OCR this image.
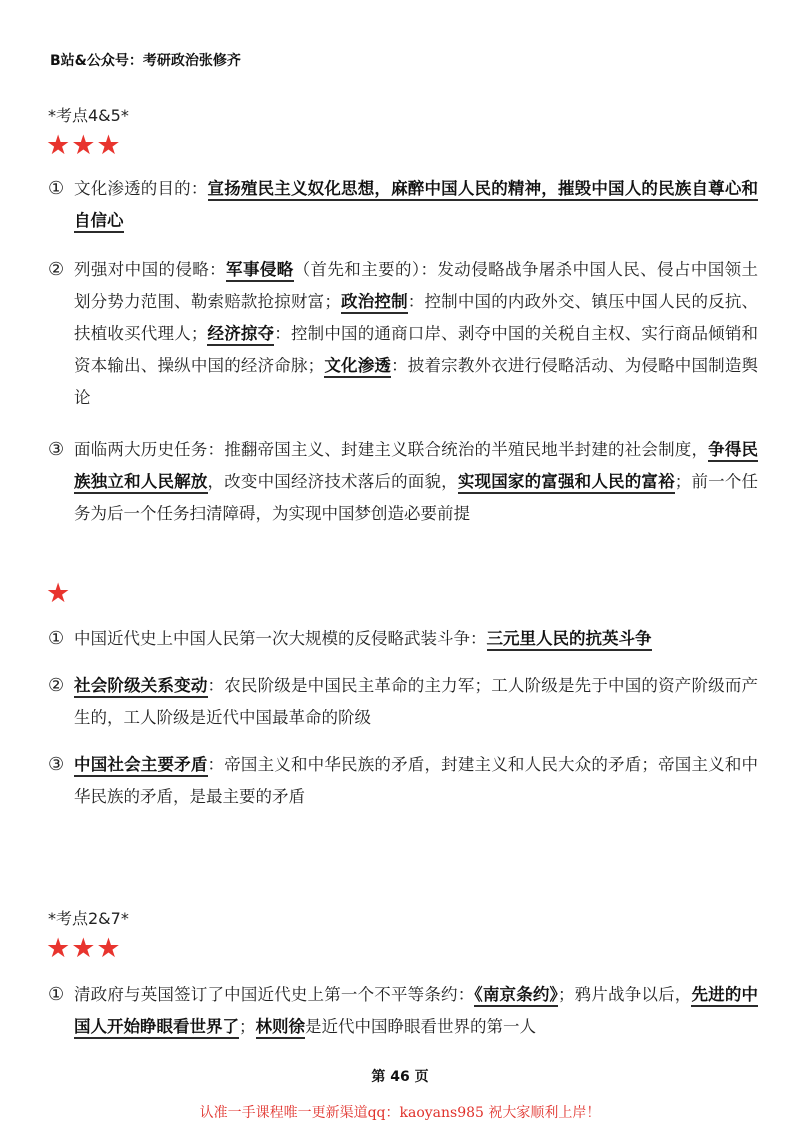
B站&公众号：考研政治张修齐
*考点4&5*
★★★
① 文化渗透的目的：宣扬殖民主义奴化思想，麻醉中国人民的精神，摧毁中国人的民族自尊心和自信心
② 列强对中国的侵略：军事侵略（首先和主要的）：发动侵略战争屠杀中国人民、侵占中国领土划分势力范围、勒索赔款抢掠财富；政治控制：控制中国的内政外交、镇压中国人民的反抗、扶植收买代理人；经济掠夺：控制中国的通商口岸、剥夺中国的关税自主权、实行商品倾销和资本输出、操纵中国的经济命脉；文化渗透：披着宗教外衣进行侵略活动、为侵略中国制造舆论
③ 面临两大历史任务：推翻帝国主义、封建主义联合统治的半殖民地半封建的社会制度，争得民族独立和人民解放，改变中国经济技术落后的面貌，实现国家的富强和人民的富裕；前一个任务为后一个任务扫清障碍，为实现中国梦创造必要前提
★
① 中国近代史上中国人民第一次大规模的反侵略武装斗争：三元里人民的抗英斗争
② 社会阶级关系变动：农民阶级是中国民主革命的主力军；工人阶级是先于中国的资产阶级而产生的，工人阶级是近代中国最革命的阶级
③ 中国社会主要矛盾：帝国主义和中华民族的矛盾，封建主义和人民大众的矛盾；帝国主义和中华民族的矛盾，是最主要的矛盾
*考点2&7*
★★★
① 清政府与英国签订了中国近代史上第一个不平等条约：《南京条约》；鸦片战争以后，先进的中国人开始睁眼看世界了；林则徐是近代中国睁眼看世界的第一人
第 46 页
认准一手课程唯一更新渠道qq：kaoyans985 祝大家顺利上岸！
